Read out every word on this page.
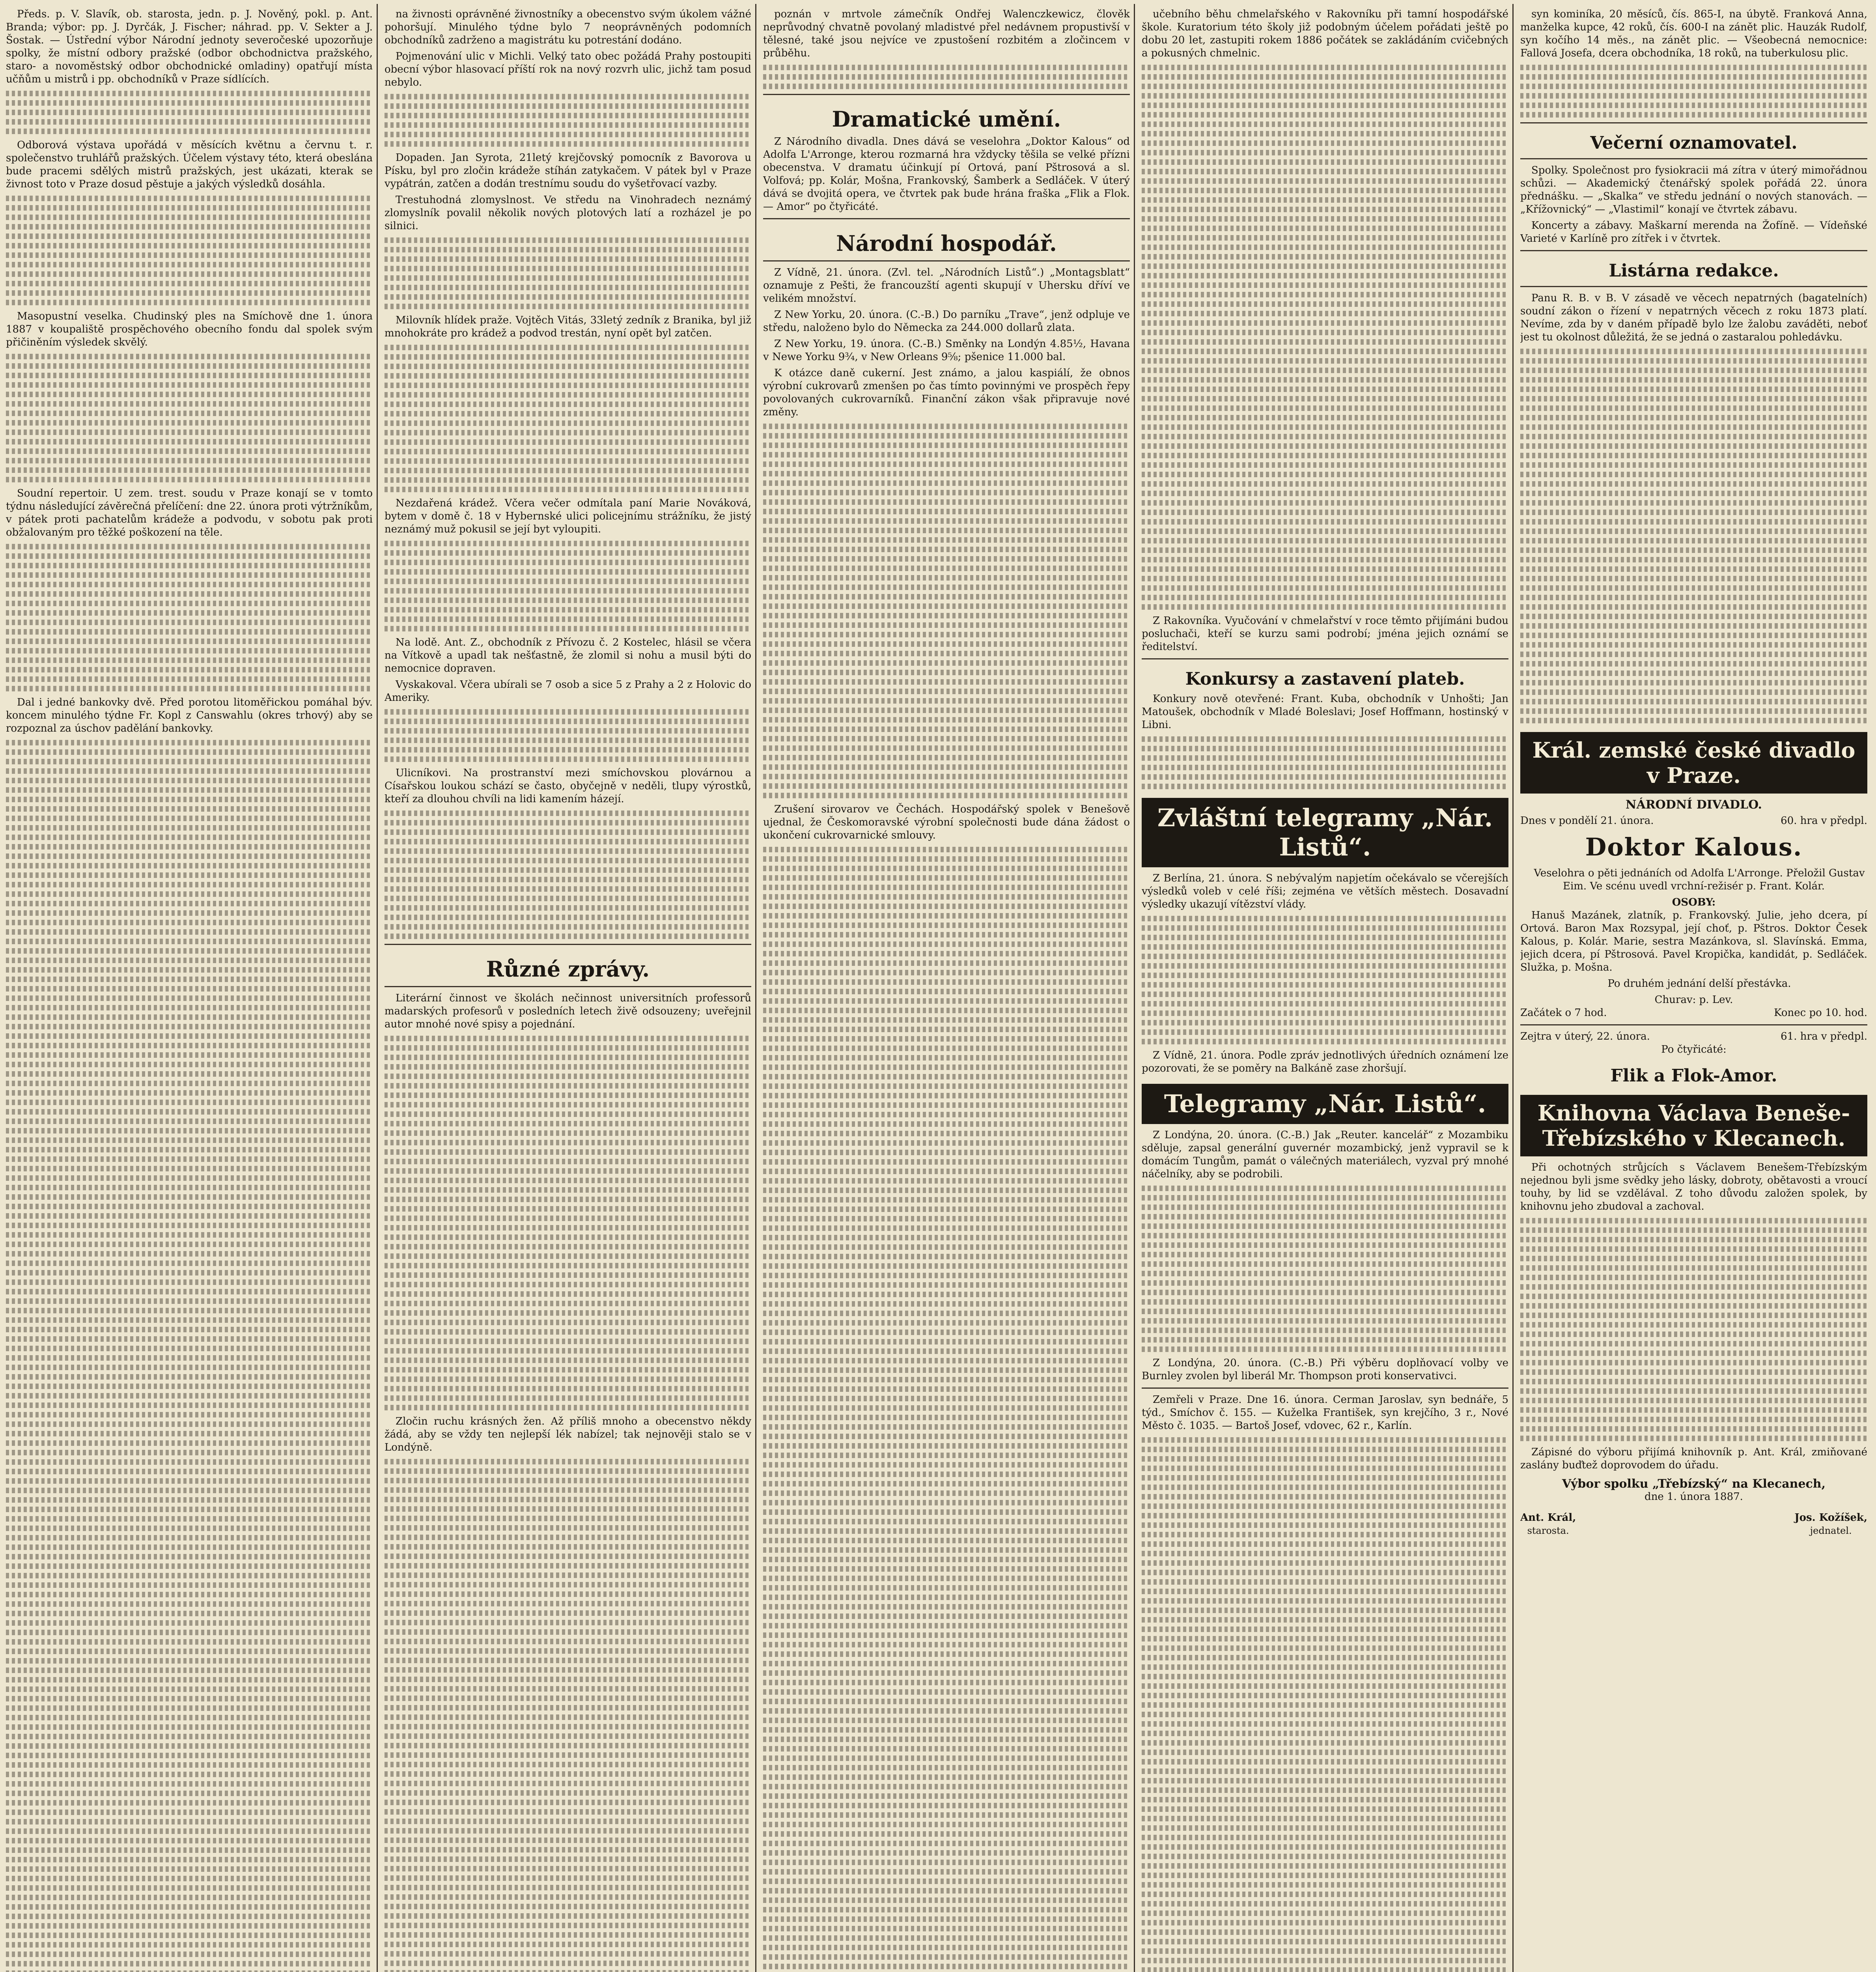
Předs. p. V. Slavík, ob. starosta, jedn. p. J. Nověný, pokl. p. Ant. Branda; výbor: pp. J. Dyrčák, J. Fischer; náhrad. pp. V. Sekter a J. Šostak. — Ústřední výbor Národní jednoty severočeské upozorňuje spolky, že místní odbory pražské (odbor obchodnictva pražského, staro- a novoměstský odbor obchodnické omladiny) opatřují místa učňům u mistrů i pp. obchodníků v Praze sídlících.

Odborová výstava upořádá v měsících květnu a červnu t. r. společenstvo truhlářů pražských. Účelem výstavy této, která obeslána bude pracemi sdělých mistrů pražských, jest ukázati, kterak se živnost toto v Praze dosud pěstuje a jakých výsledků dosáhla.

Masopustní veselka. Chudinský ples na Smíchově dne 1. února 1887 v koupaliště prospěchového obecního fondu dal spolek svým přičiněním výsledek skvělý.

Soudní repertoir. U zem. trest. soudu v Praze konají se v tomto týdnu následující závěrečná přelíčení: dne 22. února proti výtržníkům, v pátek proti pachatelům krádeže a podvodu, v sobotu pak proti obžalovaným pro těžké poškození na těle.

Dal i jedné bankovky dvě. Před porotou litoměřickou pomáhal býv. koncem minulého týdne Fr. Kopl z Canswahlu (okres trhový) aby se rozpoznal za úschov padělání bankovky.

na živnosti oprávněné živnostníky a obecenstvo svým úkolem vážné pohoršují. Minulého týdne bylo 7 neoprávněných podomních obchodníků zadrženo a magistrátu ku potrestání dodáno.

Pojmenování ulic v Michli. Velký tato obec požádá Prahy postoupiti obecní výbor hlasovací příští rok na nový rozvrh ulic, jichž tam posud nebylo.

Dopaden. Jan Syrota, 21letý krejčovský pomocník z Bavorova u Písku, byl pro zločin krádeže stíhán zatykačem. V pátek byl v Praze vypátrán, zatčen a dodán trestnímu soudu do vyšetřovací vazby.

Trestuhodná zlomyslnost. Ve středu na Vinohradech neznámý zlomyslník povalil několik nových plotových latí a rozházel je po silnici.

Milovník hlídek praže. Vojtěch Vitás, 33letý zedník z Branika, byl již mnohokráte pro krádež a podvod trestán, nyní opět byl zatčen.

Nezdařená krádež. Včera večer odmítala paní Marie Nováková, bytem v domě č. 18 v Hybernské ulici policejnímu strážníku, že jistý neznámý muž pokusil se její byt vyloupiti.

Na lodě. Ant. Z., obchodník z Přívozu č. 2 Kostelec, hlásil se včera na Vítkově a upadl tak nešťastně, že zlomil si nohu a musil býti do nemocnice dopraven.

Vyskakoval. Včera ubírali se 7 osob a sice 5 z Prahy a 2 z Holovic do Ameriky.

Ulicníkovi. Na prostranství mezi smíchovskou plovárnou a Císařskou loukou schází se často, obyčejně v neděli, tlupy výrostků, kteří za dlouhou chvíli na lidi kamením házejí.

Různé zprávy.

Literární činnost ve školách nečinnost universitních professorů madarských profesorů v posledních letech živě odsouzeny; uveřejnil autor mnohé nové spisy a pojednání.

Zločin ruchu krásných žen. Až příliš mnoho a obecenstvo někdy žádá, aby se vždy ten nejlepší lék nabízel; tak nejnověji stalo se v Londýně.

poznán v mrtvole zámečník Ondřej Walenczkewicz, člověk neprůvodný chvatně povolaný mladistvé přel nedávnem propustivší v tělesné, také jsou nejvíce ve zpustošení rozbitém a zločincem v průběhu.

Dramatické umění.

Z Národního divadla. Dnes dává se veselohra „Doktor Kalous“ od Adolfa L'Arronge, kterou rozmarná hra vždycky těšila se velké přízni obecenstva. V dramatu účinkují pí Ortová, paní Pštrosová a sl. Volfová; pp. Kolár, Mošna, Frankovský, Šamberk a Sedláček. V úterý dává se dvojitá opera, ve čtvrtek pak bude hrána fraška „Flik a Flok. — Amor“ po čtyřicáté.

Národní hospodář.

Z Vídně, 21. února. (Zvl. tel. „Národních Listů“.) „Montagsblatt“ oznamuje z Pešti, že francouzští agenti skupují v Uhersku dříví ve velikém množství.

Z New Yorku, 20. února. (C.-B.) Do parníku „Trave“, jenž odpluje ve středu, naloženo bylo do Německa za 244.000 dollarů zlata.

Z New Yorku, 19. února. (C.-B.) Směnky na Londýn 4.85½, Havana v Newe Yorku 9¾, v New Orleans 9⅝; pšenice 11.000 bal.

K otázce daně cukerní. Jest známo, a jalou kaspiálí, že obnos výrobní cukrovarů zmenšen po čas tímto povinnými ve prospěch řepy povolovaných cukrovarníků. Finanční zákon však připravuje nové změny.

Zrušení sirovarov ve Čechách. Hospodářský spolek v Benešově ujednal, že Českomoravské výrobní společnosti bude dána žádost o ukončení cukrovarnické smlouvy.

učebního běhu chmelařského v Rakovníku při tamní hospodářské škole. Kuratorium této školy již podobným účelem pořádati ještě po dobu 20 let, zastupiti rokem 1886 počátek se zakládáním cvičebných a pokusných chmelnic.

Z Rakovníka. Vyučování v chmelařství v roce těmto přijímáni budou posluchači, kteří se kurzu sami podrobí; jména jejich oznámí se ředitelství.

Konkursy a zastavení plateb.

Konkury nově otevřené: Frant. Kuba, obchodník v Unhošti; Jan Matoušek, obchodník v Mladé Boleslavi; Josef Hoffmann, hostinský v Libni.

Zvláštní telegramy „Nár. Listů“.

Z Berlína, 21. února. S nebývalým napjetím očekávalo se včerejších výsledků voleb v celé říši; zejména ve větších městech. Dosavadní výsledky ukazují vítězství vlády.

Z Vídně, 21. února. Podle zpráv jednotlivých úředních oznámení lze pozorovati, že se poměry na Balkáně zase zhoršují.

Telegramy „Nár. Listů“.

Z Londýna, 20. února. (C.-B.) Jak „Reuter. kancelář“ z Mozambiku sděluje, zapsal generální guvernér mozambický, jenž vypravil se k domácím Tungům, památ o válečných materiálech, vyzval prý mnohé náčelníky, aby se podrobili.

Z Londýna, 20. února. (C.-B.) Při výběru doplňovací volby ve Burnley zvolen byl liberál Mr. Thompson proti konservativci.

Zemřeli v Praze. Dne 16. února. Cerman Jaroslav, syn bednáře, 5 týd., Smíchov č. 155. — Kuželka František, syn krejčího, 3 r., Nové Město č. 1035. — Bartoš Josef, vdovec, 62 r., Karlín.

syn kominíka, 20 měsíců, čís. 865-I, na úbytě. Franková Anna, manželka kupce, 42 roků, čís. 600-I na zánět plic. Hauzák Rudolf, syn kočího 14 měs., na zánět plic. — Všeobecná nemocnice: Fallová Josefa, dcera obchodníka, 18 roků, na tuberkulosu plic.

Večerní oznamovatel.

Spolky. Společnost pro fysiokracii má zítra v úterý mimořádnou schůzi. — Akademický čtenářský spolek pořádá 22. února přednášku. — „Skalka“ ve středu jednání o nových stanovách. — „Křížovnický“ — „Vlastimil“ konají ve čtvrtek zábavu.

Koncerty a zábavy. Maškarní merenda na Žofíně. — Vídeňské Varieté v Karlíně pro zítřek i v čtvrtek.

Listárna redakce.

Panu R. B. v B. V zásadě ve věcech nepatrných (bagatelních) soudní zákon o řízení v nepatrných věcech z roku 1873 platí. Nevíme, zda by v daném případě bylo lze žalobu zaváděti, neboť jest tu okolnost důležitá, že se jedná o zastaralou pohledávku.

Král. zemské české divadlo v Praze.
NÁRODNÍ DIVADLO.
Dnes v pondělí 21. února.	60. hra v předpl.
Doktor Kalous.

Veselohra o pěti jednáních od Adolfa L'Arronge. Přeložil Gustav Eim. Ve scénu uvedl vrchní-režisér p. Frant. Kolár.

OSOBY:

Hanuš Mazánek, zlatník, p. Frankovský. Julie, jeho dcera, pí Ortová. Baron Max Rozsypal, její choť, p. Pštros. Doktor Česek Kalous, p. Kolár. Marie, sestra Mazánkova, sl. Slavínská. Emma, jejich dcera, pí Pštrosová. Pavel Kropička, kandidát, p. Sedláček. Služka, p. Mošna.

Po druhém jednání delší přestávka.

Churav: p. Lev.
Začátek o 7 hod.	Konec po 10. hod.
Zejtra v úterý, 22. února.	61. hra v předpl.
Po čtyřicáté:
Flik a Flok-Amor.
Knihovna Václava Beneše-Třebízského v Klecanech.

Při ochotných strůjcích s Václavem Benešem-Třebízským nejednou byli jsme svědky jeho lásky, dobroty, obětavosti a vroucí touhy, by lid se vzdělával. Z toho důvodu založen spolek, by knihovnu jeho zbudoval a zachoval.

Zápisné do výboru přijímá knihovník p. Ant. Král, zmiňované zaslány buďtež doprovodem do úřadu.

Výbor spolku „Třebízský“ na Klecanech,
dne 1. února 1887.
Ant. Král,
starosta.
Jos. Kožíšek,
jednatel.
